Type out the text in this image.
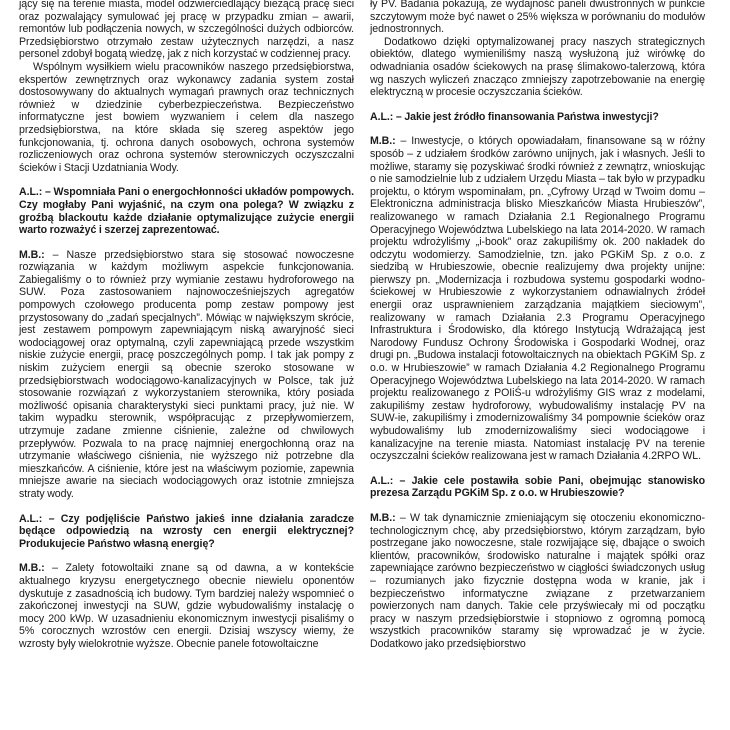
jący się na terenie miasta, model odzwierciedlający bieżącą pracę sieci oraz pozwalający symulować jej pracę w przypadku zmian – awarii, remontów lub podłączenia nowych, w szczególności dużych odbiorców. Przedsiębiorstwo otrzymało zestaw użytecznych narzędzi, a nasz personel zdobył bogatą wiedzę, jak z nich korzystać w codziennej pracy.

Wspólnym wysiłkiem wielu pracowników naszego przedsiębiorstwa, ekspertów zewnętrznych oraz wykonawcy zadania system został dostosowywany do aktualnych wymagań prawnych oraz technicznych również w dziedzinie cyberbezpieczeństwa. Bezpieczeństwo informatyczne jest bowiem wyzwaniem i celem dla naszego przedsiębiorstwa, na które składa się szereg aspektów jego funkcjonowania, tj. ochrona danych osobowych, ochrona systemów rozliczeniowych oraz ochrona systemów sterowniczych oczyszczalni ścieków i Stacji Uzdatniania Wody.

A.L.: – Wspomniała Pani o energochłonności układów pompowych. Czy mogłaby Pani wyjaśnić, na czym ona polega? W związku z groźbą blackoutu każde działanie optymalizujące zużycie energii warto rozważyć i szerzej zaprezentować.

M.B.: – Nasze przedsiębiorstwo stara się stosować nowoczesne rozwiązania w każdym możliwym aspekcie funkcjonowania. Zabiegaliśmy o to również przy wymianie zestawu hydroforowego na SUW. Poza zastosowaniem najnowocześniejszych agregatów pompowych czołowego producenta pomp zestaw pompowy jest przystosowany do „zadań specjalnych”. Mówiąc w największym skrócie, jest zestawem pompowym zapewniającym niską awaryjność sieci wodociągowej oraz optymalną, czyli zapewniającą przede wszystkim niskie zużycie energii, pracę poszczególnych pomp. I tak jak pompy z niskim zużyciem energii są obecnie szeroko stosowane w przedsiębiorstwach wodociągowo-kanalizacyjnych w Polsce, tak już stosowanie rozwiązań z wykorzystaniem sterownika, który posiada możliwość opisania charakterystyki sieci punktami pracy, już nie. W takim wypadku sterownik, współpracując z przepływomierzem, utrzymuje zadane zmienne ciśnienie, zależne od chwilowych przepływów. Pozwala to na pracę najmniej energochłonną oraz na utrzymanie właściwego ciśnienia, nie wyższego niż potrzebne dla mieszkańców. A ciśnienie, które jest na właściwym poziomie, zapewnia mniejsze awarie na sieciach wodociągowych oraz istotnie zmniejsza straty wody.

A.L.: – Czy podjęliście Państwo jakieś inne działania zaradcze będące odpowiedzią na wzrosty cen energii elektrycznej? Produkujecie Państwo własną energię?

M.B.: – Zalety fotowoltaiki znane są od dawna, a w kontekście aktualnego kryzysu energetycznego obecnie niewielu oponentów dyskutuje z zasadnością ich budowy. Tym bardziej należy wspomnieć o zakończonej inwestycji na SUW, gdzie wybudowaliśmy instalację o mocy 200 kWp. W uzasadnieniu ekonomicznym inwestycji pisaliśmy o 5% corocznych wzrostów cen energii. Dzisiaj wszyscy wiemy, że wzrosty były wielokrotnie wyższe. Obecnie panele fotowoltaiczne

ły PV. Badania pokazują, że wydajność paneli dwustronnych w punkcie szczytowym może być nawet o 25% większa w porównaniu do modułów jednostronnych.

Dodatkowo dzięki optymalizowanej pracy naszych strategicznych obiektów, dlatego wymieniliśmy naszą wysłużoną już wirówkę do odwadniania osadów ściekowych na prasę ślimakowo-talerzową, która wg naszych wyliczeń znacząco zmniejszy zapotrzebowanie na energię elektryczną w procesie oczyszczania ścieków.

A.L.: – Jakie jest źródło finansowania Państwa inwestycji?

M.B.: – Inwestycje, o których opowiadałam, finansowane są w różny sposób – z udziałem środków zarówno unijnych, jak i własnych. Jeśli to możliwe, staramy się pozyskiwać środki również z zewnątrz, wnioskując o nie samodzielnie lub z udziałem Urzędu Miasta – tak było w przypadku projektu, o którym wspominałam, pn. „Cyfrowy Urząd w Twoim domu – Elektroniczna administracja blisko Mieszkańców Miasta Hrubieszów”, realizowanego w ramach Działania 2.1 Regionalnego Programu Operacyjnego Województwa Lubelskiego na lata 2014-2020. W ramach projektu wdrożyliśmy „i-book” oraz zakupiliśmy ok. 200 nakładek do odczytu wodomierzy. Samodzielnie, tzn. jako PGKiM Sp. z o.o. z siedzibą w Hrubieszowie, obecnie realizujemy dwa projekty unijne: pierwszy pn. „Modernizacja i rozbudowa systemu gospodarki wodno-ściekowej w Hrubieszowie z wykorzystaniem odnawialnych źródeł energii oraz usprawnieniem zarządzania majątkiem sieciowym”, realizowany w ramach Działania 2.3 Programu Operacyjnego Infrastruktura i Środowisko, dla którego Instytucją Wdrażającą jest Narodowy Fundusz Ochrony Środowiska i Gospodarki Wodnej, oraz drugi pn. „Budowa instalacji fotowoltaicznych na obiektach PGKiM Sp. z o.o. w Hrubieszowie” w ramach Działania 4.2 Regionalnego Programu Operacyjnego Województwa Lubelskiego na lata 2014-2020. W ramach projektu realizowanego z POIiŚ-u wdrożyliśmy GIS wraz z modelami, zakupiliśmy zestaw hydroforowy, wybudowaliśmy instalację PV na SUW-ie, zakupiliśmy i zmodernizowaliśmy 34 pompownie ścieków oraz wybudowaliśmy lub zmodernizowaliśmy sieci wodociągowe i kanalizacyjne na terenie miasta. Natomiast instalację PV na terenie oczyszczalni ścieków realizowana jest w ramach Działania 4.2RPO WL.

A.L.: – Jakie cele postawiła sobie Pani, obejmując stanowisko prezesa Zarządu PGKiM Sp. z o.o. w Hrubieszowie?

M.B.: – W tak dynamicznie zmieniającym się otoczeniu ekonomiczno-technologicznym chcę, aby przedsiębiorstwo, którym zarządzam, było postrzegane jako nowoczesne, stale rozwijające się, dbające o swoich klientów, pracowników, środowisko naturalne i majątek spółki oraz zapewniające zarówno bezpieczeństwo w ciągłości świadczonych usług – rozumianych jako fizycznie dostępna woda w kranie, jak i bezpieczeństwo informatyczne związane z przetwarzaniem powierzonych nam danych. Takie cele przyświecały mi od początku pracy w naszym przedsiębiorstwie i stopniowo z ogromną pomocą wszystkich pracowników staramy się wprowadzać je w życie. Dodatkowo jako przedsiębiorstwo
